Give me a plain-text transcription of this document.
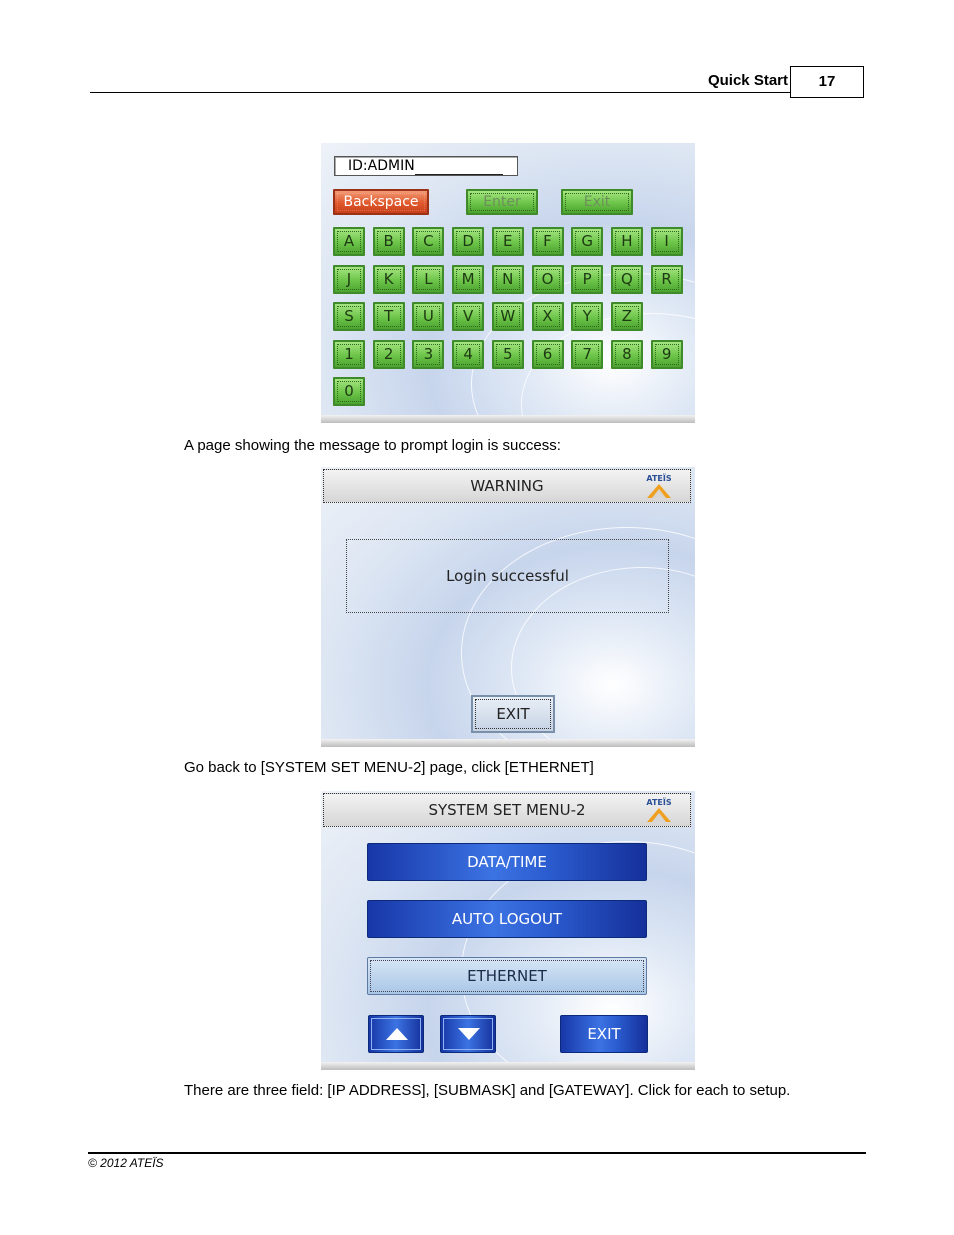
Quick Start	17
ID:ADMIN
Backspace	Enter	Exit
A	B	C	D	E	F	G	H	I
J	K	L	M	N	O	P	Q	R
S	T	U	V	W	X	Y	Z
1	2	3	4	5	6	7	8	9
0
A page showing the message to prompt login is success:
WARNING	ATEÏS
Login successful
EXIT
Go back to [SYSTEM SET MENU-2] page, click [ETHERNET]
SYSTEM SET MENU-2	ATEÏS
DATA/TIME
AUTO LOGOUT
ETHERNET
EXIT
There are three field: [IP ADDRESS], [SUBMASK] and [GATEWAY]. Click for each to setup.
© 2012 ATEÏS
